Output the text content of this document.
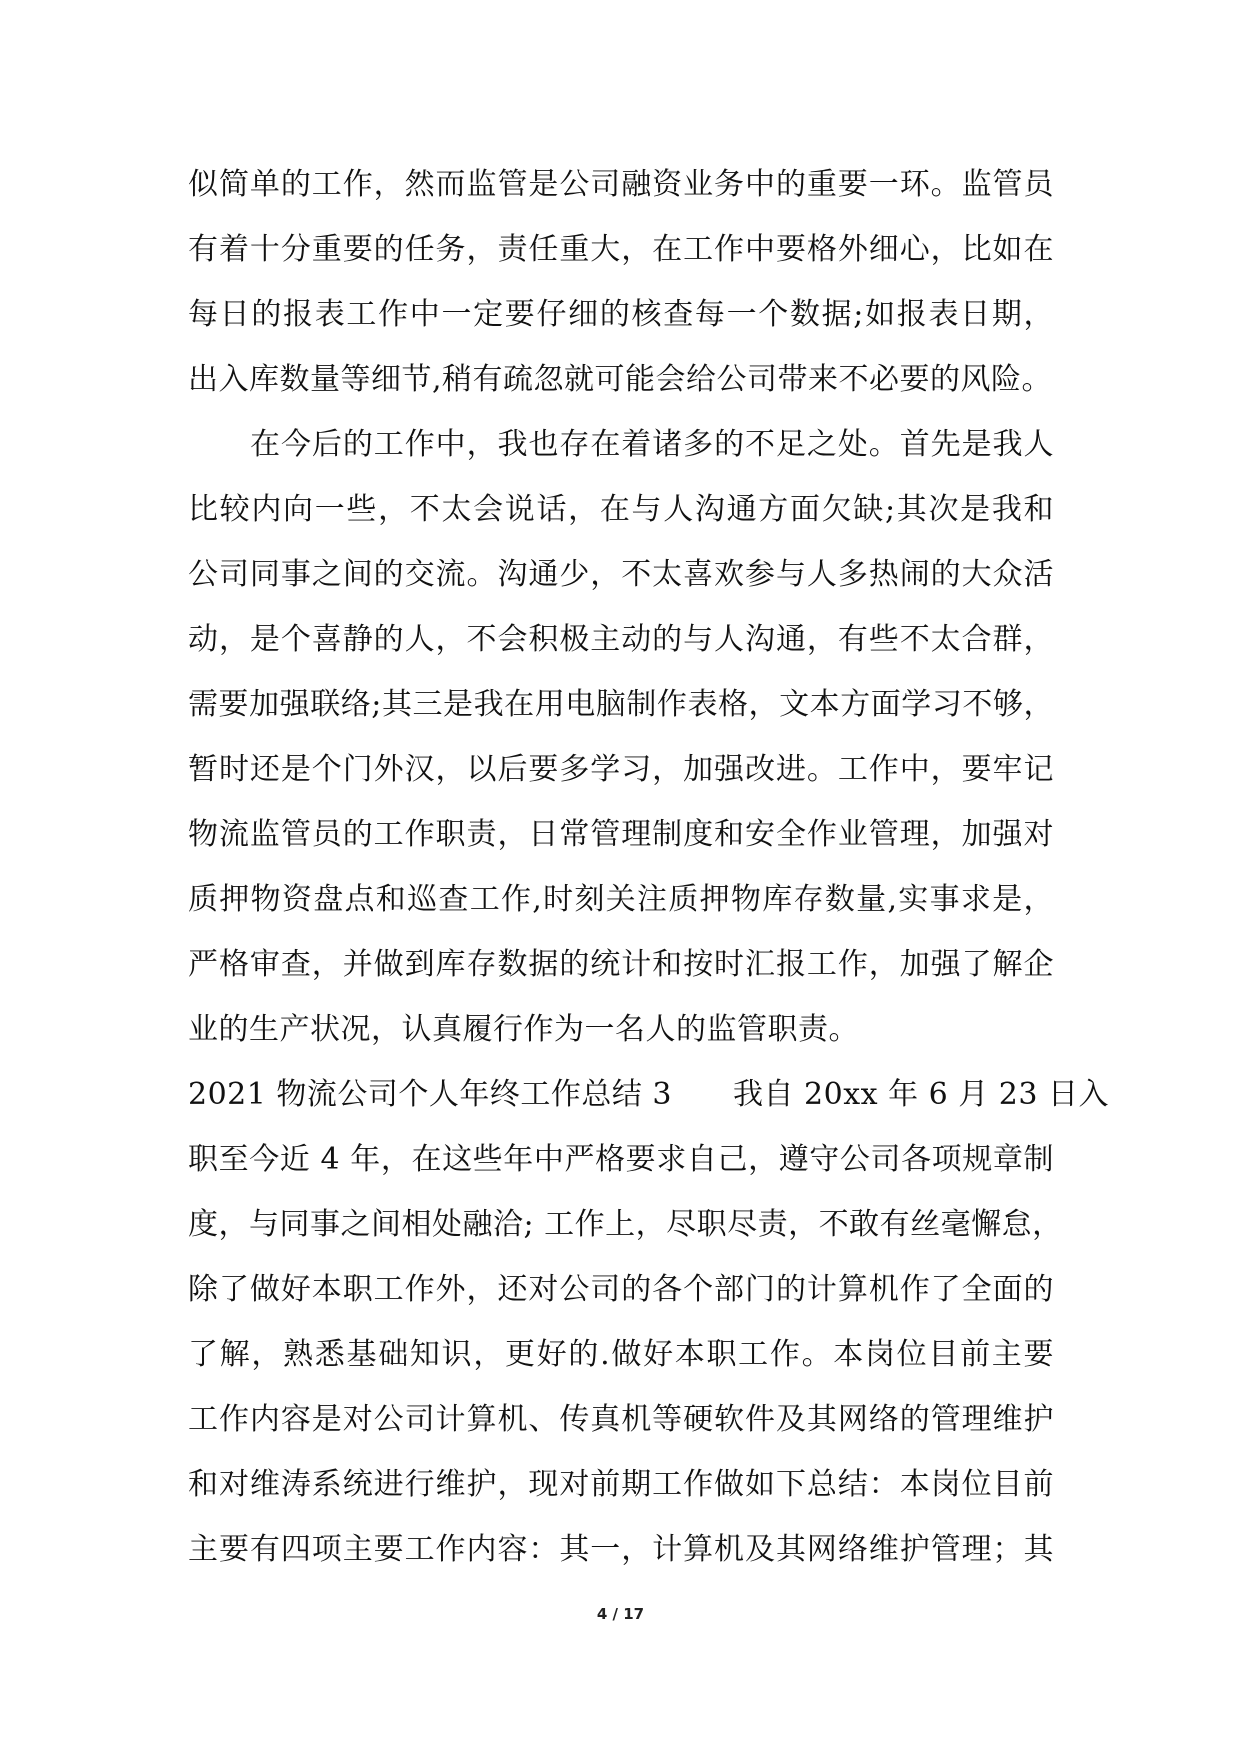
似简单的工作，然而监管是公司融资业务中的重要一环。监管员
有着十分重要的任务，责任重大，在工作中要格外细心，比如在
每日的报表工作中一定要仔细的核查每一个数据;如报表日期，
出入库数量等细节,稍有疏忽就可能会给公司带来不必要的风险。
在今后的工作中，我也存在着诸多的不足之处。首先是我人
比较内向一些，不太会说话，在与人沟通方面欠缺;其次是我和
公司同事之间的交流。沟通少，不太喜欢参与人多热闹的大众活
动，是个喜静的人，不会积极主动的与人沟通，有些不太合群，
需要加强联络;其三是我在用电脑制作表格，文本方面学习不够，
暂时还是个门外汉，以后要多学习，加强改进。工作中，要牢记
物流监管员的工作职责，日常管理制度和安全作业管理，加强对
质押物资盘点和巡查工作,时刻关注质押物库存数量,实事求是，
严格审查，并做到库存数据的统计和按时汇报工作，加强了解企
业的生产状况，认真履行作为一名人的监管职责。
2021 物流公司个人年终工作总结 3　　我自 20xx 年 6 月 23 日入
职至今近 4 年，在这些年中严格要求自己，遵守公司各项规章制
度，与同事之间相处融洽; 工作上，尽职尽责，不敢有丝毫懈怠，
除了做好本职工作外，还对公司的各个部门的计算机作了全面的
了解，熟悉基础知识，更好的.做好本职工作。本岗位目前主要
工作内容是对公司计算机、传真机等硬软件及其网络的管理维护
和对维涛系统进行维护，现对前期工作做如下总结：本岗位目前
主要有四项主要工作内容：其一，计算机及其网络维护管理；其
4 / 17
